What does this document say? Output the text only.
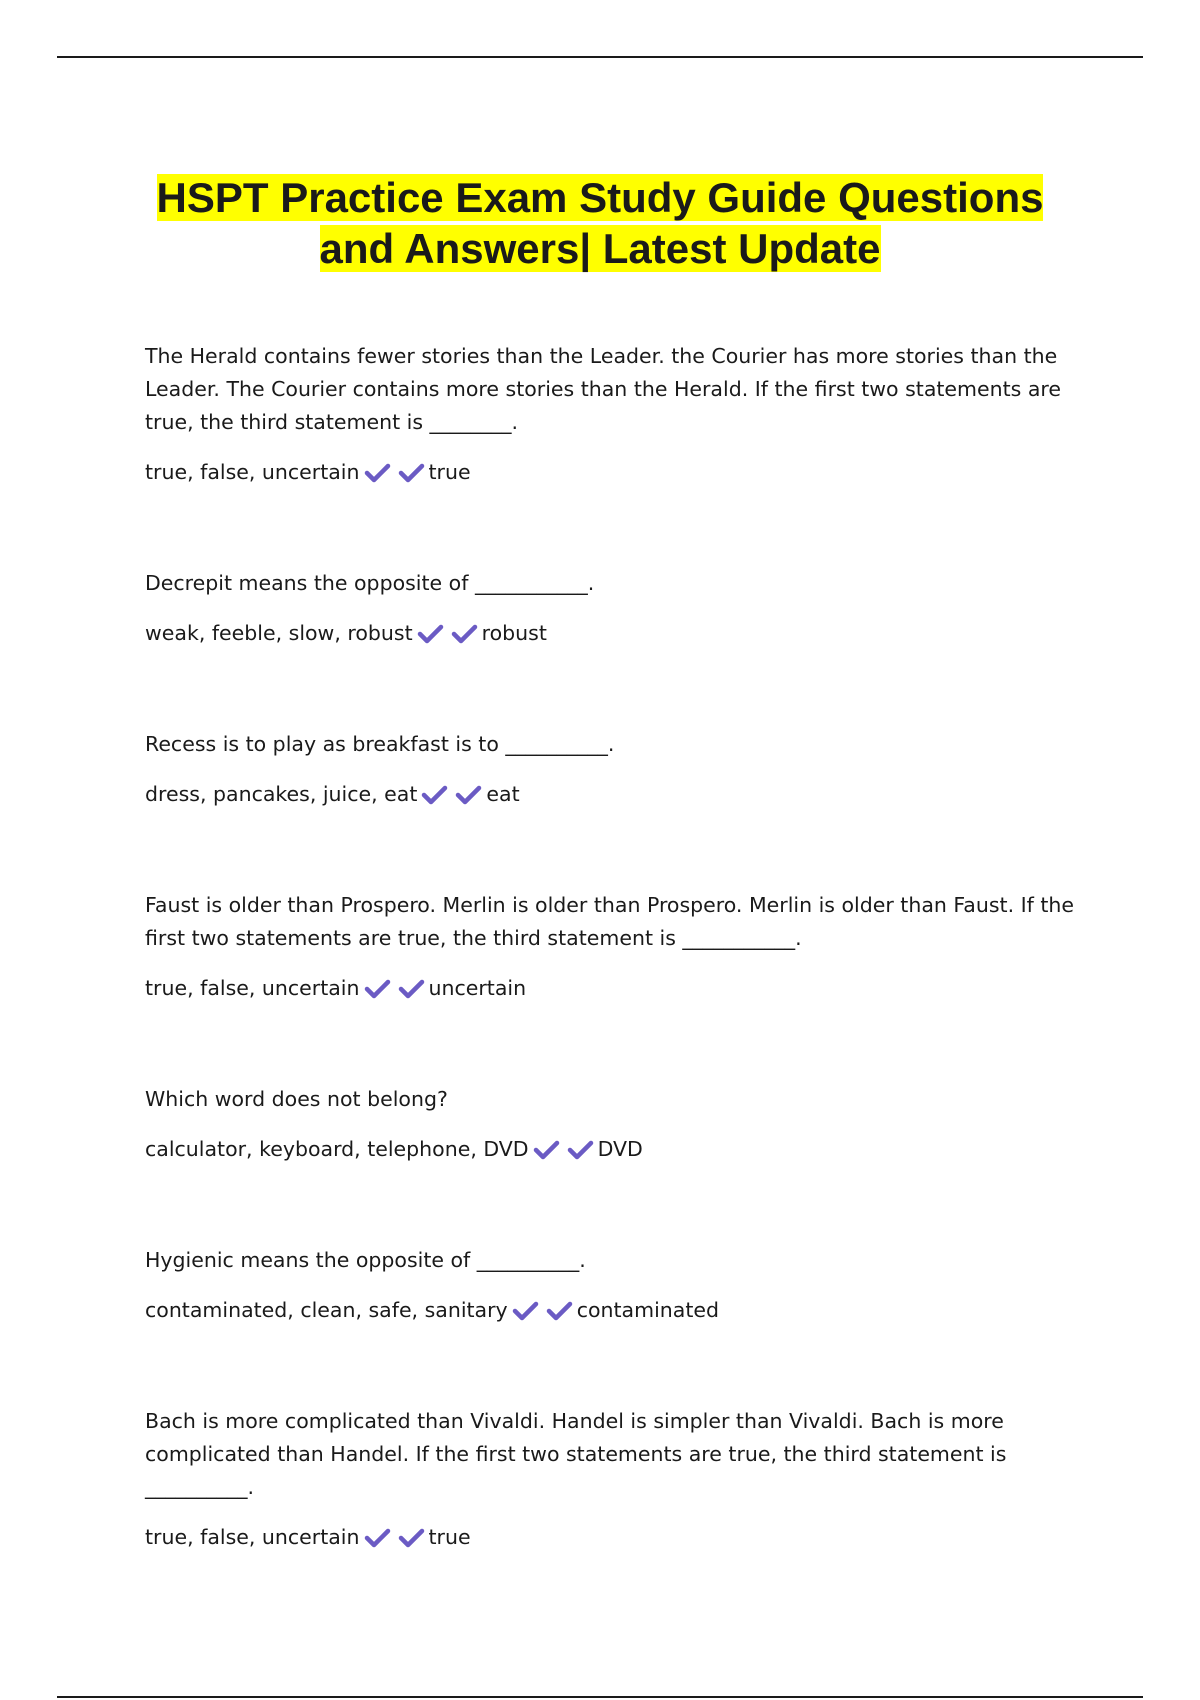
HSPT Practice Exam Study Guide Questions
and Answers| Latest Update

The Herald contains fewer stories than the Leader. the Courier has more stories than the Leader. The Courier contains more stories than the Herald. If the first two statements are true, the third statement is ________.

true, false, uncertain	true

Decrepit means the opposite of ___________.

weak, feeble, slow, robust	robust

Recess is to play as breakfast is to __________.

dress, pancakes, juice, eat	eat

Faust is older than Prospero. Merlin is older than Prospero. Merlin is older than Faust. If the first two statements are true, the third statement is ___________.

true, false, uncertain	uncertain

Which word does not belong?

calculator, keyboard, telephone, DVD	DVD

Hygienic means the opposite of __________.

contaminated, clean, safe, sanitary	contaminated

Bach is more complicated than Vivaldi. Handel is simpler than Vivaldi. Bach is more complicated than Handel. If the first two statements are true, the third statement is __________.

true, false, uncertain	true
